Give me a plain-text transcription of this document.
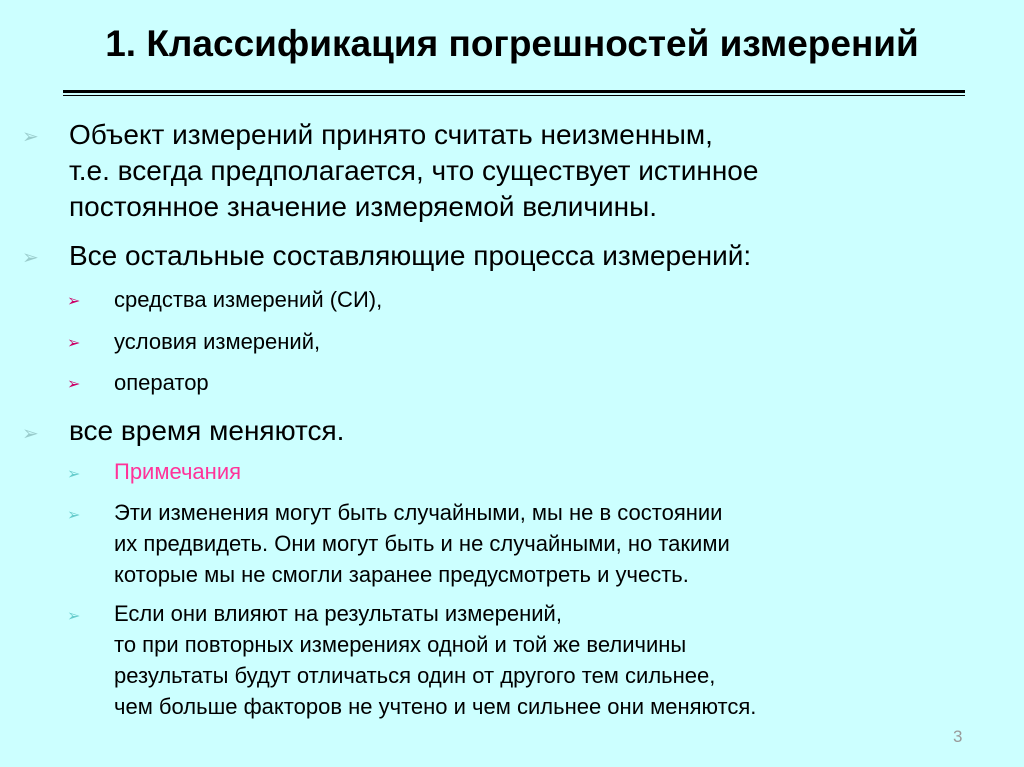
1. Классификация погрешностей измерений
➢ Объект измерений принято считать неизменным,

т.е. всегда предполагается, что существует истинное

постоянное значение измеряемой величины.

➢ Все остальные составляющие процесса измерений:

➢ средства измерений (СИ),

➢ условия измерений,

➢ оператор

➢ все время меняются.

➢ Примечания

➢ Эти изменения могут быть случайными, мы не в состоянии

их предвидеть. Они могут быть и не случайными, но такими

которые мы не смогли заранее предусмотреть и учесть.

➢ Если они влияют на результаты измерений,

то при повторных измерениях одной и той же величины

результаты будут отличаться один от другого тем сильнее,

чем больше факторов не учтено и чем сильнее они меняются.

3
